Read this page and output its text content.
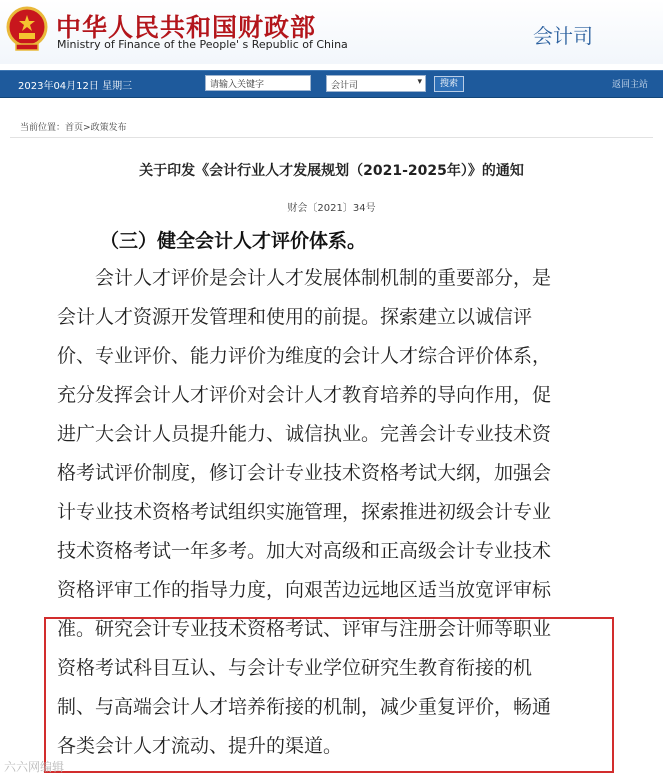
中华人民共和国财政部
Ministry of Finance of the People' s Republic of China	会计司
2023年04月12日 星期三
请输入关键字	会计司	▾	搜索	返回主站
当前位置：首页>政策发布
关于印发《会计行业人才发展规划（2021-2025年）》的通知
财会〔2021〕34号
（三）健全会计人才评价体系。
　　会计人才评价是会计人才发展体制机制的重要部分，是
会计人才资源开发管理和使用的前提。探索建立以诚信评
价、专业评价、能力评价为维度的会计人才综合评价体系，
充分发挥会计人才评价对会计人才教育培养的导向作用，促
进广大会计人员提升能力、诚信执业。完善会计专业技术资
格考试评价制度，修订会计专业技术资格考试大纲，加强会
计专业技术资格考试组织实施管理，探索推进初级会计专业
技术资格考试一年多考。加大对高级和正高级会计专业技术
资格评审工作的指导力度，向艰苦边远地区适当放宽评审标
准。研究会计专业技术资格考试、评审与注册会计师等职业
资格考试科目互认、与会计专业学位研究生教育衔接的机
制、与高端会计人才培养衔接的机制，减少重复评价，畅通
各类会计人才流动、提升的渠道。
六六网编辑
